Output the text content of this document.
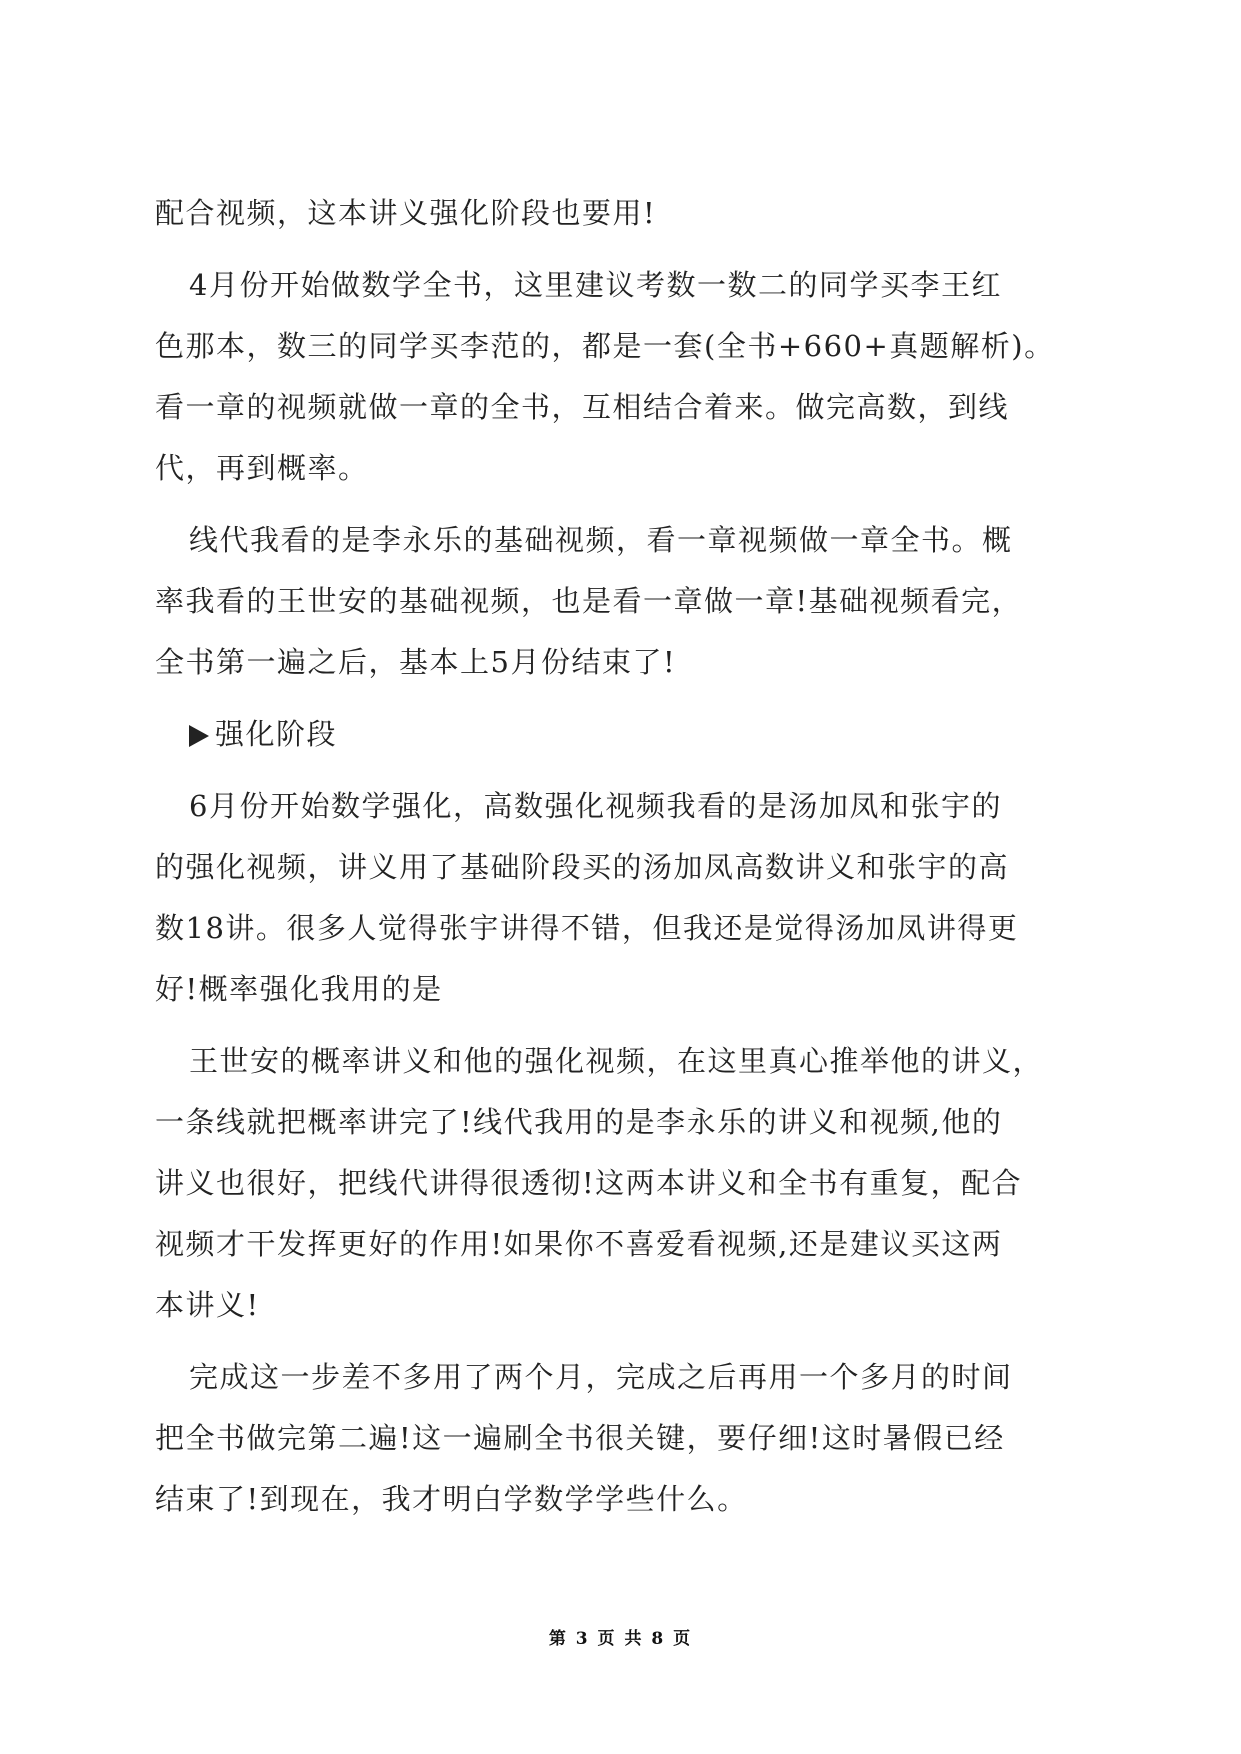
配合视频，这本讲义强化阶段也要用!
4月份开始做数学全书，这里建议考数一数二的同学买李王红
色那本，数三的同学买李范的，都是一套(全书+660+真题解析)。
看一章的视频就做一章的全书，互相结合着来。做完高数，到线
代，再到概率。
线代我看的是李永乐的基础视频，看一章视频做一章全书。概
率我看的王世安的基础视频，也是看一章做一章!基础视频看完，
全书第一遍之后，基本上5月份结束了!
强化阶段
6月份开始数学强化，高数强化视频我看的是汤加凤和张宇的
的强化视频，讲义用了基础阶段买的汤加凤高数讲义和张宇的高
数18讲。很多人觉得张宇讲得不错，但我还是觉得汤加凤讲得更
好!概率强化我用的是
王世安的概率讲义和他的强化视频，在这里真心推举他的讲义，
一条线就把概率讲完了!线代我用的是李永乐的讲义和视频,他的
讲义也很好，把线代讲得很透彻!这两本讲义和全书有重复，配合
视频才干发挥更好的作用!如果你不喜爱看视频,还是建议买这两
本讲义!
完成这一步差不多用了两个月，完成之后再用一个多月的时间
把全书做完第二遍!这一遍刷全书很关键，要仔细!这时暑假已经
结束了!到现在，我才明白学数学学些什么。
第 3 页 共 8 页
